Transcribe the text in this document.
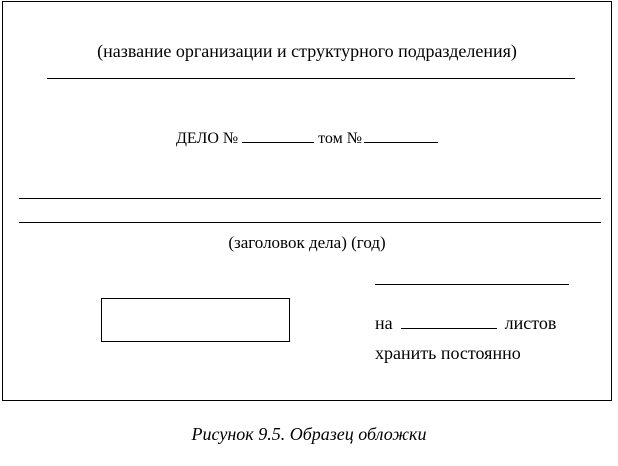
(название организации и структурного подразделения)
ДЕЛО №	том №
(заголовок дела) (год)
на	листов
хранить постоянно
Рисунок 9.5. Образец обложки
